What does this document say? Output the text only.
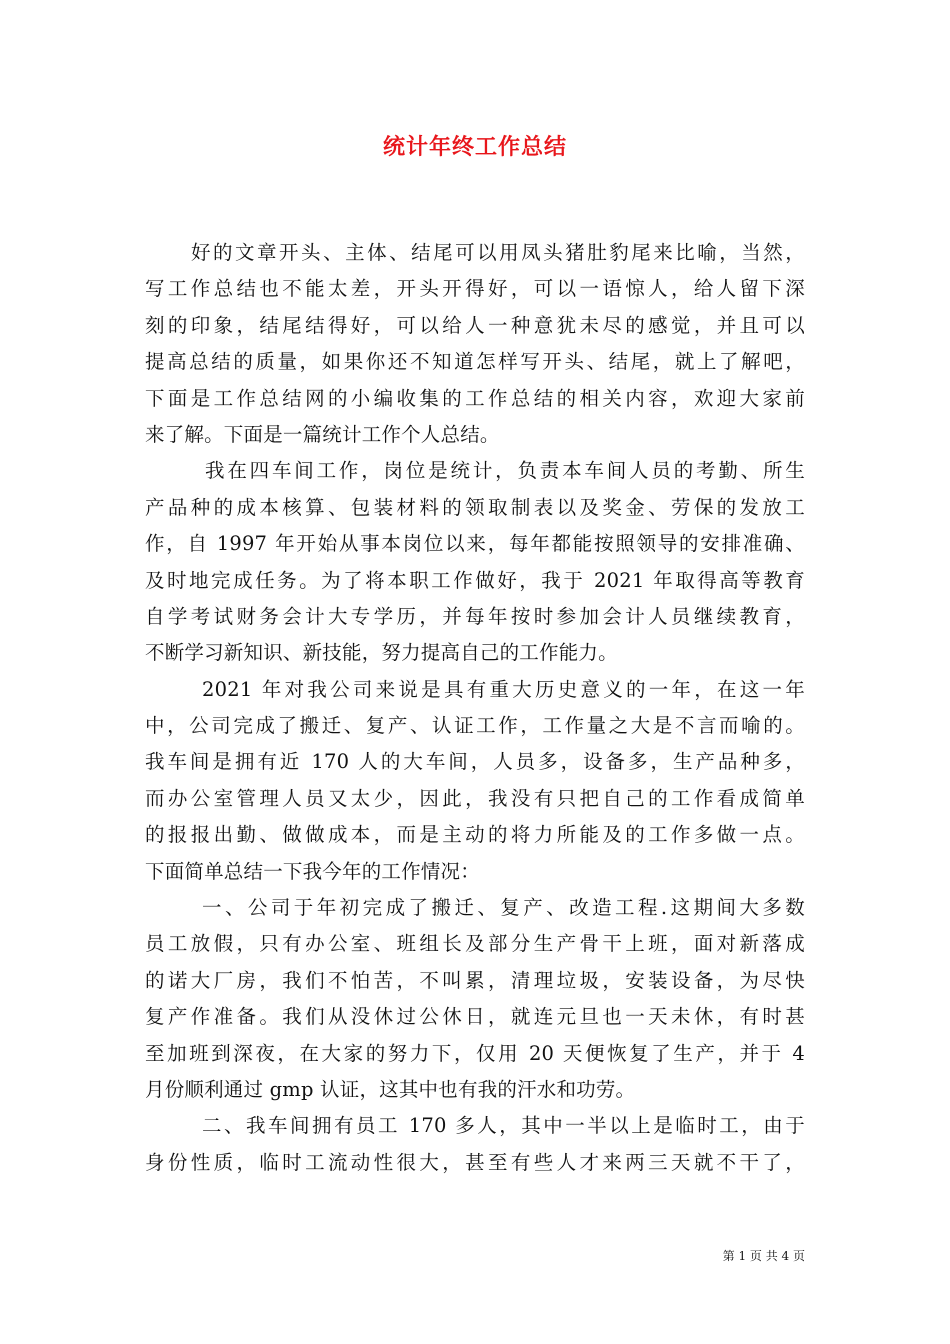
统计年终工作总结
好的文章开头、主体、结尾可以用凤头猪肚豹尾来比喻，当然，
写工作总结也不能太差，开头开得好，可以一语惊人，给人留下深
刻的印象，结尾结得好，可以给人一种意犹未尽的感觉，并且可以
提高总结的质量，如果你还不知道怎样写开头、结尾，就上了解吧，
下面是工作总结网的小编收集的工作总结的相关内容，欢迎大家前
来了解。下面是一篇统计工作个人总结。
我在四车间工作，岗位是统计，负责本车间人员的考勤、所生
产品种的成本核算、包装材料的领取制表以及奖金、劳保的发放工
作，自 1997 年开始从事本岗位以来，每年都能按照领导的安排准确、
及时地完成任务。为了将本职工作做好，我于 2021 年取得高等教育
自学考试财务会计大专学历，并每年按时参加会计人员继续教育，
不断学习新知识、新技能，努力提高自己的工作能力。
2021 年对我公司来说是具有重大历史意义的一年，在这一年
中，公司完成了搬迁、复产、认证工作，工作量之大是不言而喻的。
我车间是拥有近 170 人的大车间，人员多，设备多，生产品种多，
而办公室管理人员又太少，因此，我没有只把自己的工作看成简单
的报报出勤、做做成本，而是主动的将力所能及的工作多做一点。
下面简单总结一下我今年的工作情况：
一、公司于年初完成了搬迁、复产、改造工程.这期间大多数
员工放假，只有办公室、班组长及部分生产骨干上班，面对新落成
的诺大厂房，我们不怕苦，不叫累，清理垃圾，安装设备，为尽快
复产作准备。我们从没休过公休日，就连元旦也一天未休，有时甚
至加班到深夜，在大家的努力下，仅用 20 天便恢复了生产，并于 4
月份顺利通过 gmp 认证，这其中也有我的汗水和功劳。
二、我车间拥有员工 170 多人，其中一半以上是临时工，由于
身份性质，临时工流动性很大，甚至有些人才来两三天就不干了，
第 1 页 共 4 页
